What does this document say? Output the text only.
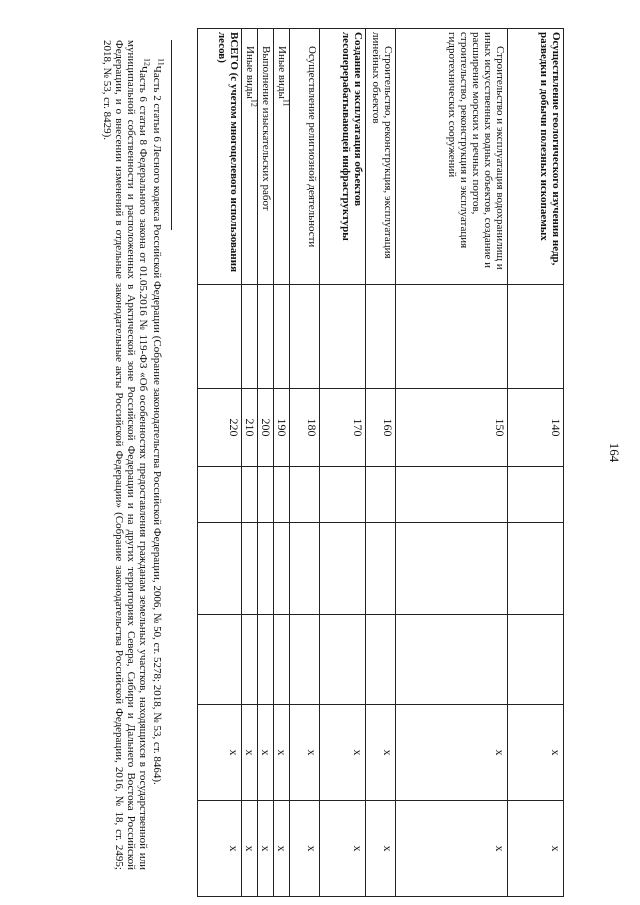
164
Осуществление геологического изучения недр, разведки и добычи полезных ископаемых		140				x	x
Строительство и эксплуатация водохранилищ и иных искусственных водных объектов, создание и расширение морских и речных портов, строительство, реконструкция и эксплуатация гидротехнических сооружений		150				x	x
Строительство, реконструкция, эксплуатация линейных объектов		160				x	x
Создание и эксплуатация объектов лесоперерабатывающей инфраструктуры		170				x	x
Осуществление религиозной деятельности		180				x	x
Иные виды$^{11}$		190				x	x
Выполнение изыскательских работ		200				x	x
Иные виды$^{12}$		210				x	x
ВСЕГО (с учетом многоцелевого использования лесов)		220				x	x

$^{11}$Часть 2 статьи 6 Лесного кодекса Российской Федерации (Собрание законодательства Российской Федерации, 2006, № 50, ст. 5278; 2018, № 53, ст. 8464).

$^{12}$Часть 6 статьи 8 Федерального закона от 01.05.2016 № 119-ФЗ «Об особенностях предоставления гражданам земельных участков, находящихся в государственной или муниципальной собственности и расположенных в Арктической зоне Российской Федерации и на других территориях Севера, Сибири и Дальнего Востока Российской Федерации, и о внесении изменений в отдельные законодательные акты Российской Федерации» (Собрание законодательства Российской Федерации, 2016, № 18, ст. 2495; 2018, № 53, ст. 8429).
